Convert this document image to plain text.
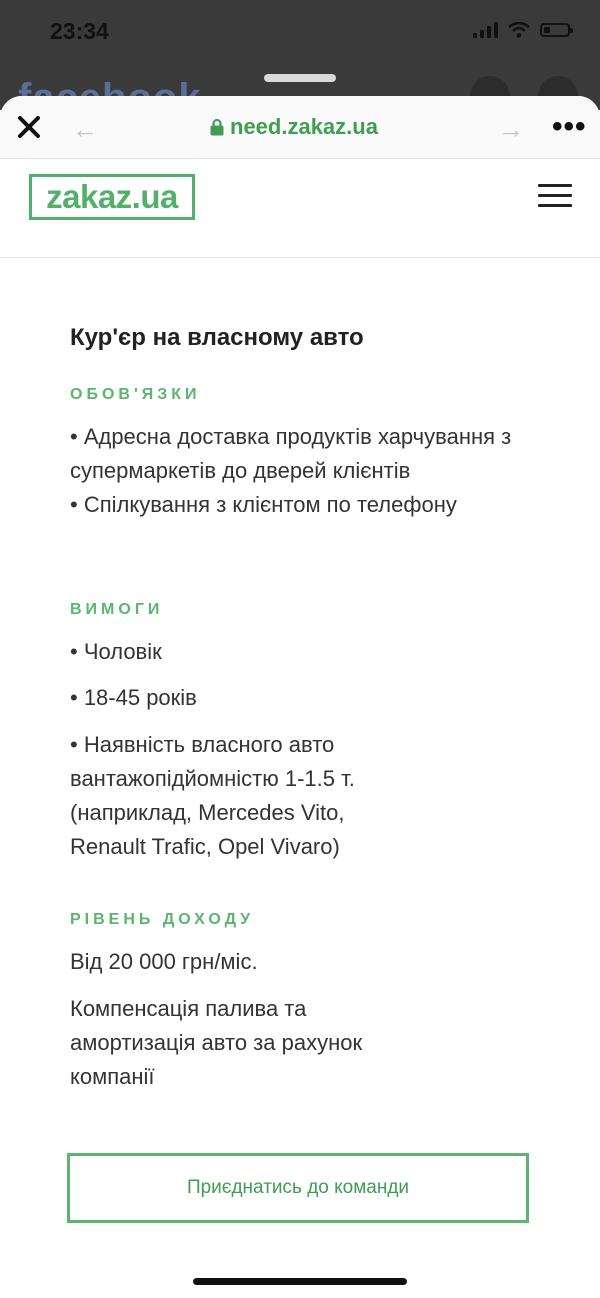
23:34
←	need.zakaz.ua	→ •••
zakaz.ua
Кур'єр на власному авто
ОБОВ'ЯЗКИ
• Адресна доставка продуктів харчування з супермаркетів до дверей клієнтів
• Спілкування з клієнтом по телефону
ВИМОГИ
• Чоловік
• 18-45 років
• Наявність власного авто вантажопідйомністю 1-1.5 т. (наприклад, Mercedes Vito, Renault Trafic, Opel Vivaro)
РІВЕНЬ ДОХОДУ
Від 20 000 грн/міс.
Компенсація палива та амортизація авто за рахунок компанії
Приєднатись до команди
